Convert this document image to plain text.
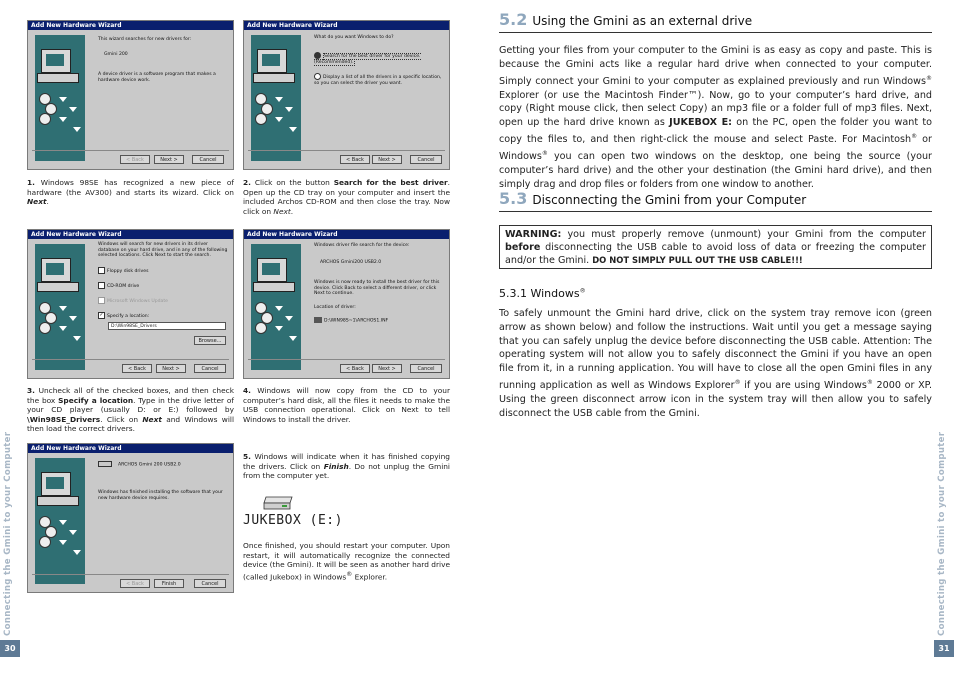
Connecting the Gmini to your Computer
30
Add New Hardware Wizard
This wizard searches for new drivers for:
Gmini 200
A device driver is a software program that makes a hardware device work.
< Back	Next >	Cancel
Add New Hardware Wizard
What do you want Windows to do?
Search for the best driver for your device. (Recommended).
Display a list of all the drivers in a specific location, so you can select the driver you want.
< Back	Next >	Cancel
1. Windows 98SE has recognized a new piece of hardware (the AV300) and starts its wizard. Click on Next.
2. Click on the button Search for the best driver. Open up the CD tray on your computer and insert the included Archos CD-ROM and then close the tray. Now click on Next.
Add New Hardware Wizard
Windows will search for new drivers in its driver database on your hard drive, and in any of the following selected locations. Click Next to start the search.
Floppy disk drives
CD-ROM drive
Microsoft Windows Update
✓ Specify a location:
D:\Win98SE_Drivers
Browse...
< Back	Next >	Cancel
Add New Hardware Wizard
Windows driver file search for the device:
ARCHOS Gmini200 USB2.0
Windows is now ready to install the best driver for this device. Click Back to select a different driver, or click Next to continue.
Location of driver:
D:\WIN98S~1\ARCHOS1.INF
< Back	Next >	Cancel
3. Uncheck all of the checked boxes, and then check the box Specify a location. Type in the drive letter of your CD player (usually D: or E:) followed by \Win98SE_Drivers. Click on Next and Windows will then load the correct drivers.
4. Windows will now copy from the CD to your computer’s hard disk, all the files it needs to make the USB connection operational. Click on Next to tell Windows to install the driver.
Add New Hardware Wizard
ARCHOS Gmini 200 USB2.0
Windows has finished installing the software that your new hardware device requires.
< Back	Finish	Cancel
5. Windows will indicate when it has finished copying the drivers. Click on Finish. Do not unplug the Gmini from the computer yet.
JUKEBOX (E:)
Once finished, you should restart your computer. Upon restart, it will automatically recognize the connected device (the Gmini). It will be seen as another hard drive (called Jukebox) in Windows® Explorer.
5.2 Using the Gmini as an external drive
Getting your files from your computer to the Gmini is as easy as copy and paste. This is because the Gmini acts like a regular hard drive when connected to your computer. Simply connect your Gmini to your computer as explained previously and run Windows® Explorer (or use the Macintosh Finder™). Now, go to your computer’s hard drive, and copy (Right mouse click, then select Copy) an mp3 file or a folder full of mp3 files. Next, open up the hard drive known as JUKEBOX E: on the PC, open the folder you want to copy the files to, and then right-click the mouse and select Paste. For Macintosh® or Windows® you can open two windows on the desktop, one being the source (your computer’s hard drive) and the other your destination (the Gmini hard drive), and then simply drag and drop files or folders from one window to another.
5.3 Disconnecting the Gmini from your Computer
WARNING: you must properly remove (unmount) your Gmini from the computer before disconnecting the USB cable to avoid loss of data or freezing the computer and/or the Gmini. DO NOT SIMPLY PULL OUT THE USB CABLE!!!
5.3.1 Windows®
To safely unmount the Gmini hard drive, click on the system tray remove icon (green arrow as shown below) and follow the instructions. Wait until you get a message saying that you can safely unplug the device before disconnecting the USB cable. Attention: The operating system will not allow you to safely disconnect the Gmini if you have an open file from it, in a running application. You will have to close all the open Gmini files in any running application as well as Windows Explorer® if you are using Windows® 2000 or XP. Using the green disconnect arrow icon in the system tray will then allow you to safely disconnect the USB cable from the Gmini.
Connecting the Gmini to your Computer
31
